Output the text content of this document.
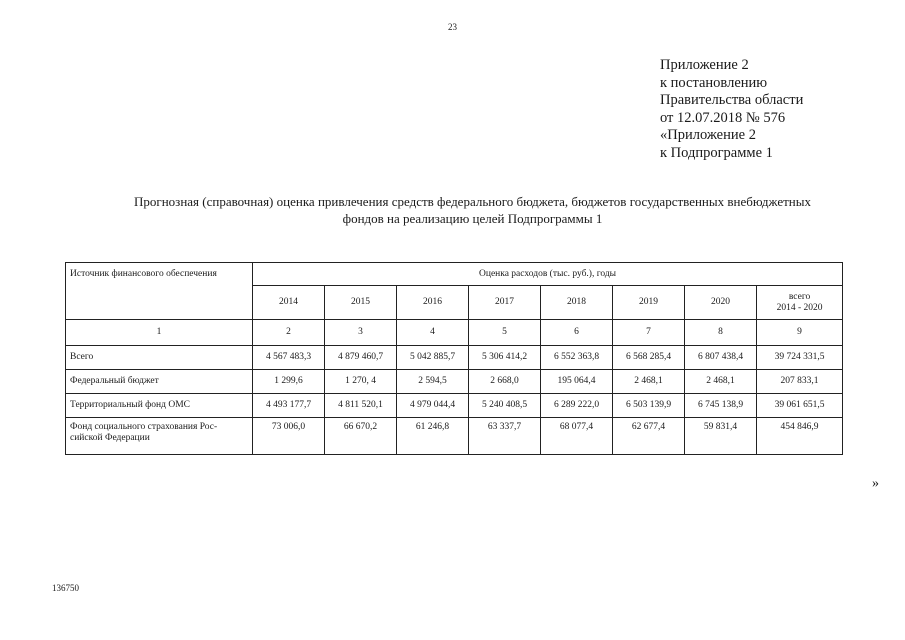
23
Приложение 2
к постановлению
Правительства области
от 12.07.2018 № 576
«Приложение 2
к Подпрограмме 1
Прогнозная (справочная) оценка привлечения средств федерального бюджета, бюджетов государственных внебюджетных
фондов на реализацию целей Подпрограммы 1
Источник финансового обеспечения	Оценка расходов (тыс. руб.), годы							
	2014	2015	2016	2017	2018	2019	2020	всего
2014 - 2020

1	2	3	4	5	6	7	8	9
Всего	4 567 483,3	4 879 460,7	5 042 885,7	5 306 414,2	6 552 363,8	6 568 285,4	6 807 438,4	39 724 331,5
Федеральный бюджет	1 299,6	1 270, 4	2 594,5	2 668,0	195 064,4	2 468,1	2 468,1	207 833,1
Территориальный фонд ОМС	4 493 177,7	4 811 520,1	4 979 044,4	5 240 408,5	6 289 222,0	6 503 139,9	6 745 138,9	39 061 651,5

Фонд социального страхования Рос-
сийской Федерации	73 006,0	66 670,2	61 246,8	63 337,7	68 077,4	62 677,4	59 831,4	454 846,9
»
136750
